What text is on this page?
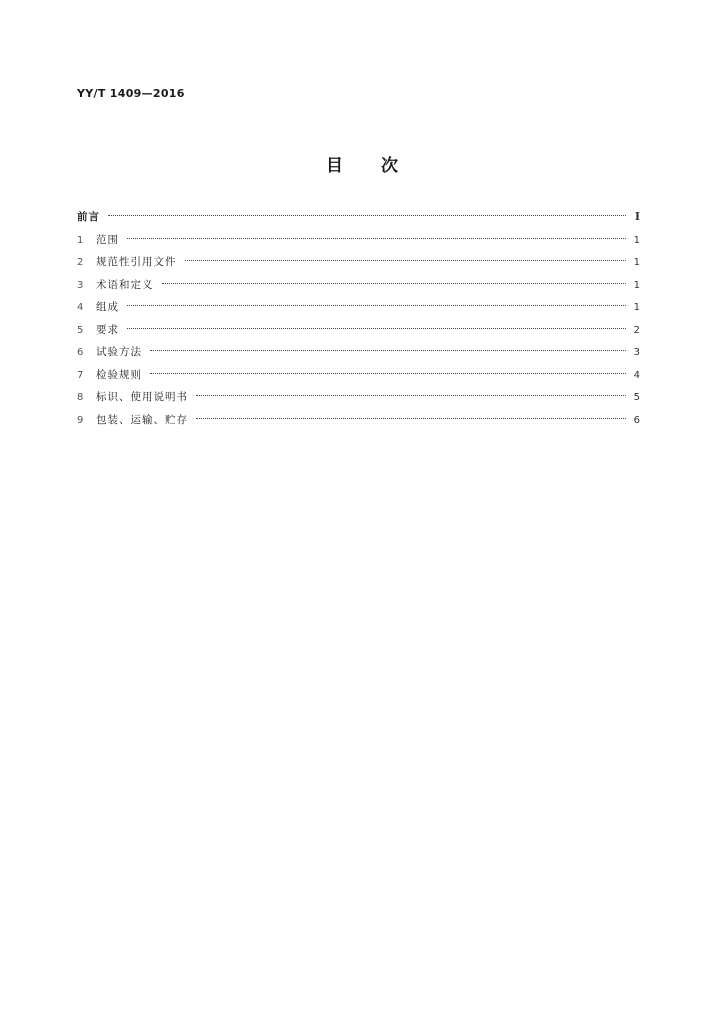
YY/T 1409—2016
目次
前言	Ⅰ
1	范围	1
2	规范性引用文件	1
3	术语和定义	1
4	组成	1
5	要求	2
6	试验方法	3
7	检验规则	4
8	标识、使用说明书	5
9	包装、运输、贮存	6
